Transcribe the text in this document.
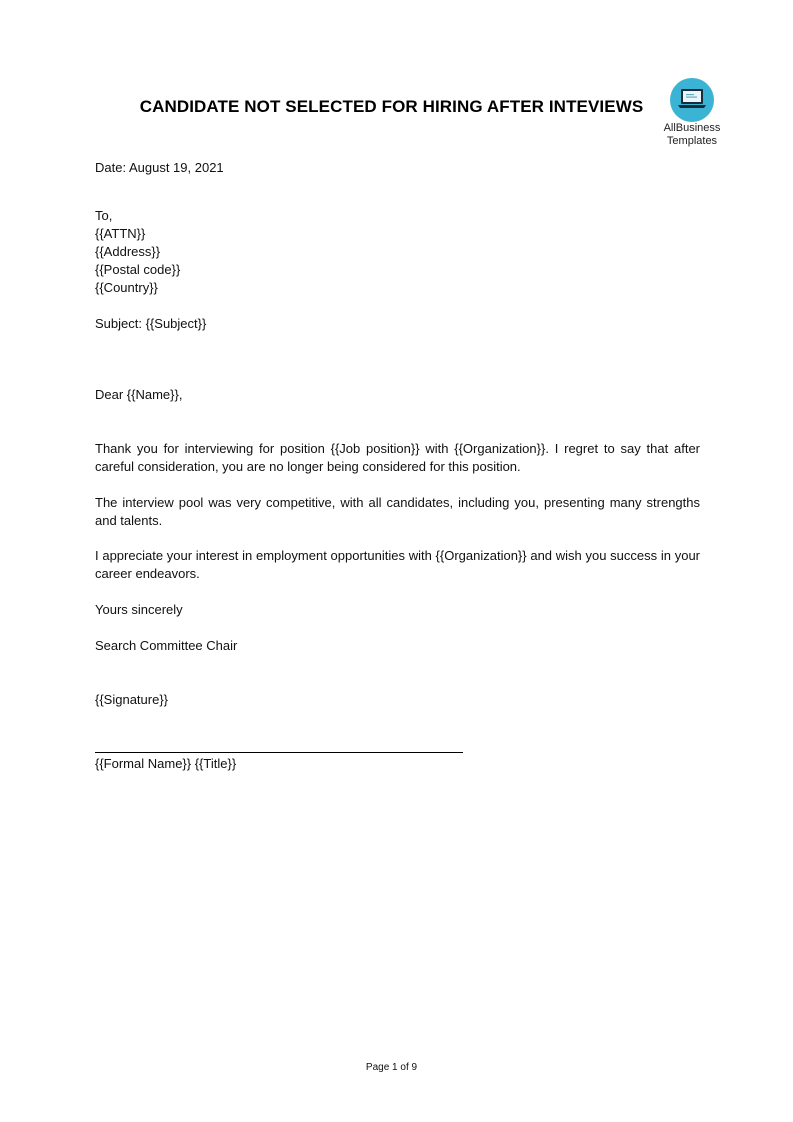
CANDIDATE NOT SELECTED FOR HIRING AFTER INTEVIEWS
AllBusiness
Templates
Date: August 19, 2021
To,
{{ATTN}}
{{Address}}
{{Postal code}}
{{Country}}
Subject: {{Subject}}
Dear {{Name}},
Thank you for interviewing for position {{Job position}} with {{Organization}}. I regret to say that after careful consideration, you are no longer being considered for this position.
The interview pool was very competitive, with all candidates, including you, presenting many strengths and talents.
I appreciate your interest in employment opportunities with {{Organization}} and wish you success in your career endeavors.
Yours sincerely
Search Committee Chair
{{Signature}}
{{Formal Name}} {{Title}}
Page 1 of 9
